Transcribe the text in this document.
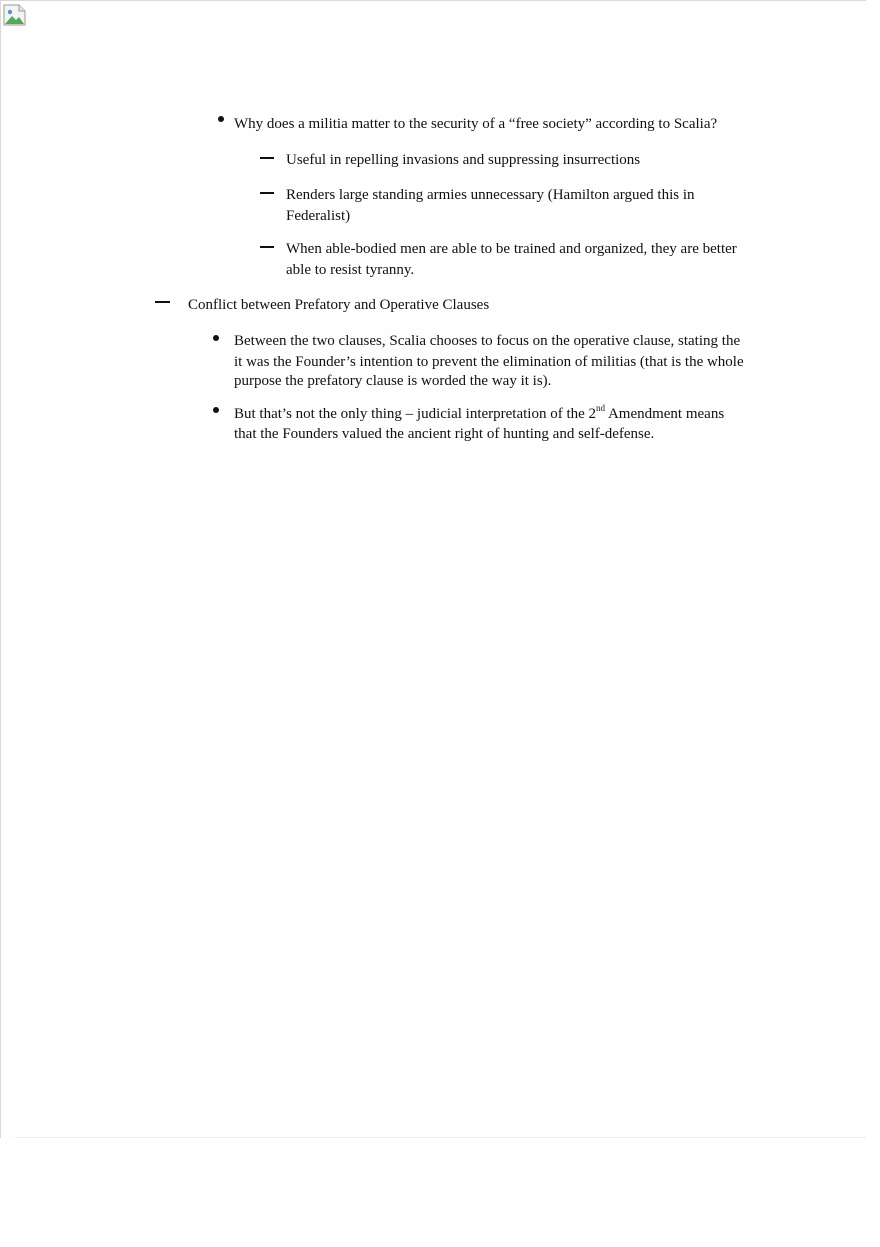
Why does a militia matter to the security of a “free society” according to Scalia?
Useful in repelling invasions and suppressing insurrections
Renders large standing armies unnecessary (Hamilton argued this in
Federalist)
When able-bodied men are able to be trained and organized, they are better
able to resist tyranny.
Conflict between Prefatory and Operative Clauses
Between the two clauses, Scalia chooses to focus on the operative clause, stating the
it was the Founder’s intention to prevent the elimination of militias (that is the whole
purpose the prefatory clause is worded the way it is).
But that’s not the only thing – judicial interpretation of the 2nd Amendment means
that the Founders valued the ancient right of hunting and self-defense.
